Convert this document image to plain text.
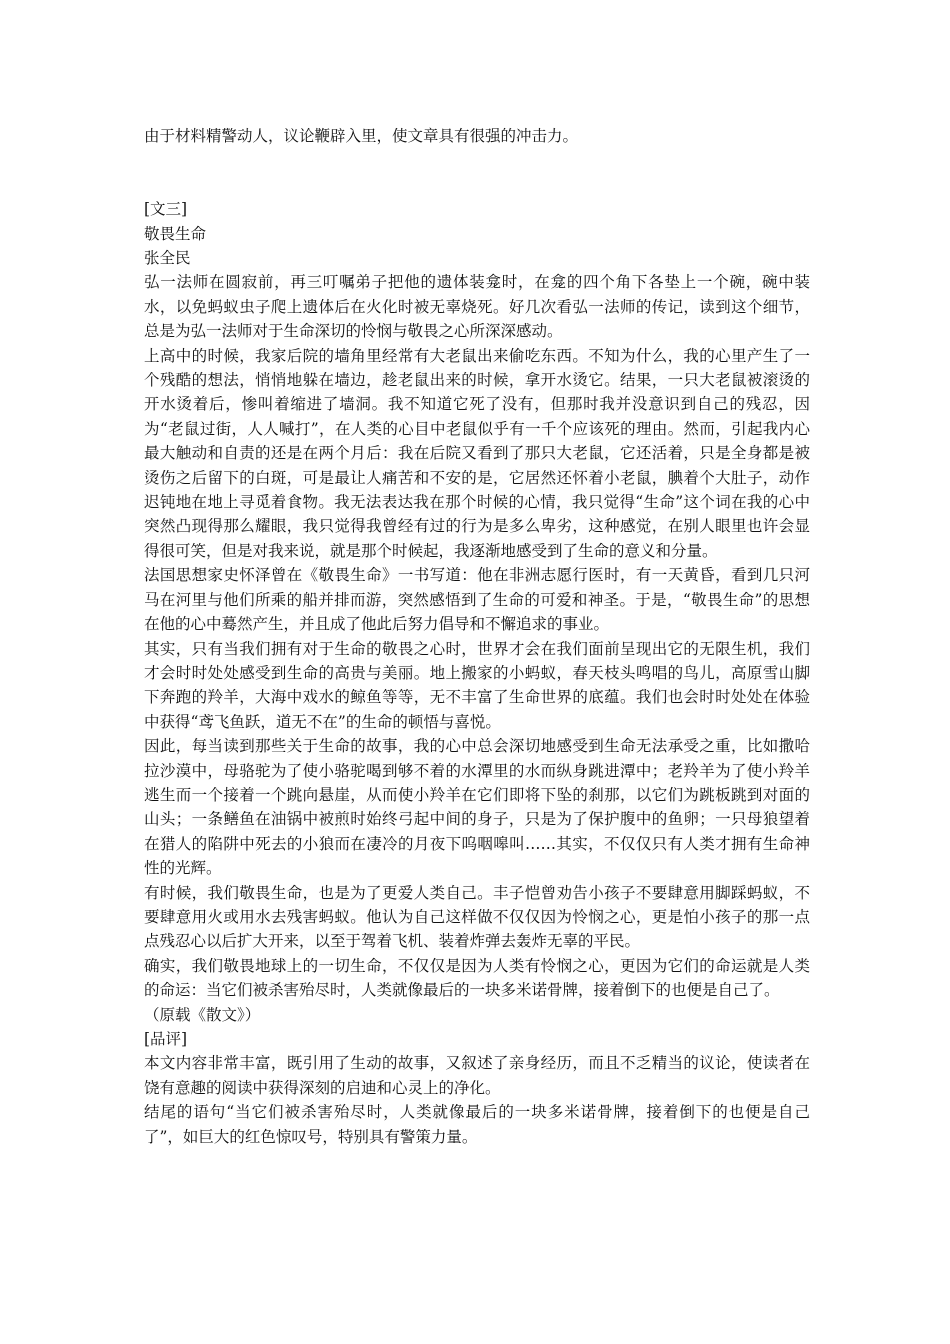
由于材料精警动人，议论鞭辟入里，使文章具有很强的冲击力。

[文三]

敬畏生命

张全民

弘一法师在圆寂前，再三叮嘱弟子把他的遗体装龛时，在龛的四个角下各垫上一个碗，碗中装水，以免蚂蚁虫子爬上遗体后在火化时被无辜烧死。好几次看弘一法师的传记，读到这个细节，总是为弘一法师对于生命深切的怜悯与敬畏之心所深深感动。

上高中的时候，我家后院的墙角里经常有大老鼠出来偷吃东西。不知为什么，我的心里产生了一个残酷的想法，悄悄地躲在墙边，趁老鼠出来的时候，拿开水烫它。结果，一只大老鼠被滚烫的开水烫着后，惨叫着缩进了墙洞。我不知道它死了没有，但那时我并没意识到自己的残忍，因为“老鼠过街，人人喊打”，在人类的心目中老鼠似乎有一千个应该死的理由。然而，引起我内心最大触动和自责的还是在两个月后：我在后院又看到了那只大老鼠，它还活着，只是全身都是被烫伤之后留下的白斑，可是最让人痛苦和不安的是，它居然还怀着小老鼠，腆着个大肚子，动作迟钝地在地上寻觅着食物。我无法表达我在那个时候的心情，我只觉得“生命”这个词在我的心中突然凸现得那么耀眼，我只觉得我曾经有过的行为是多么卑劣，这种感觉，在别人眼里也许会显得很可笑，但是对我来说，就是那个时候起，我逐渐地感受到了生命的意义和分量。

法国思想家史怀泽曾在《敬畏生命》一书写道：他在非洲志愿行医时，有一天黄昏，看到几只河马在河里与他们所乘的船并排而游，突然感悟到了生命的可爱和神圣。于是，“敬畏生命”的思想在他的心中蓦然产生，并且成了他此后努力倡导和不懈追求的事业。

其实，只有当我们拥有对于生命的敬畏之心时，世界才会在我们面前呈现出它的无限生机，我们才会时时处处感受到生命的高贵与美丽。地上搬家的小蚂蚁，春天枝头鸣唱的鸟儿，高原雪山脚下奔跑的羚羊，大海中戏水的鲸鱼等等，无不丰富了生命世界的底蕴。我们也会时时处处在体验中获得“鸢飞鱼跃，道无不在”的生命的顿悟与喜悦。

因此，每当读到那些关于生命的故事，我的心中总会深切地感受到生命无法承受之重，比如撒哈拉沙漠中，母骆驼为了使小骆驼喝到够不着的水潭里的水而纵身跳进潭中；老羚羊为了使小羚羊逃生而一个接着一个跳向悬崖，从而使小羚羊在它们即将下坠的刹那，以它们为跳板跳到对面的山头；一条鳝鱼在油锅中被煎时始终弓起中间的身子，只是为了保护腹中的鱼卵；一只母狼望着在猎人的陷阱中死去的小狼而在凄冷的月夜下呜咽嗥叫……其实，不仅仅只有人类才拥有生命神性的光辉。

有时候，我们敬畏生命，也是为了更爱人类自己。丰子恺曾劝告小孩子不要肆意用脚踩蚂蚁，不要肆意用火或用水去残害蚂蚁。他认为自己这样做不仅仅因为怜悯之心，更是怕小孩子的那一点点残忍心以后扩大开来，以至于驾着飞机、装着炸弹去轰炸无辜的平民。

确实，我们敬畏地球上的一切生命，不仅仅是因为人类有怜悯之心，更因为它们的命运就是人类的命运：当它们被杀害殆尽时，人类就像最后的一块多米诺骨牌，接着倒下的也便是自己了。

（原载《散文》）

[品评]

本文内容非常丰富，既引用了生动的故事，又叙述了亲身经历，而且不乏精当的议论，使读者在饶有意趣的阅读中获得深刻的启迪和心灵上的净化。

结尾的语句“当它们被杀害殆尽时，人类就像最后的一块多米诺骨牌，接着倒下的也便是自己了”，如巨大的红色惊叹号，特别具有警策力量。
